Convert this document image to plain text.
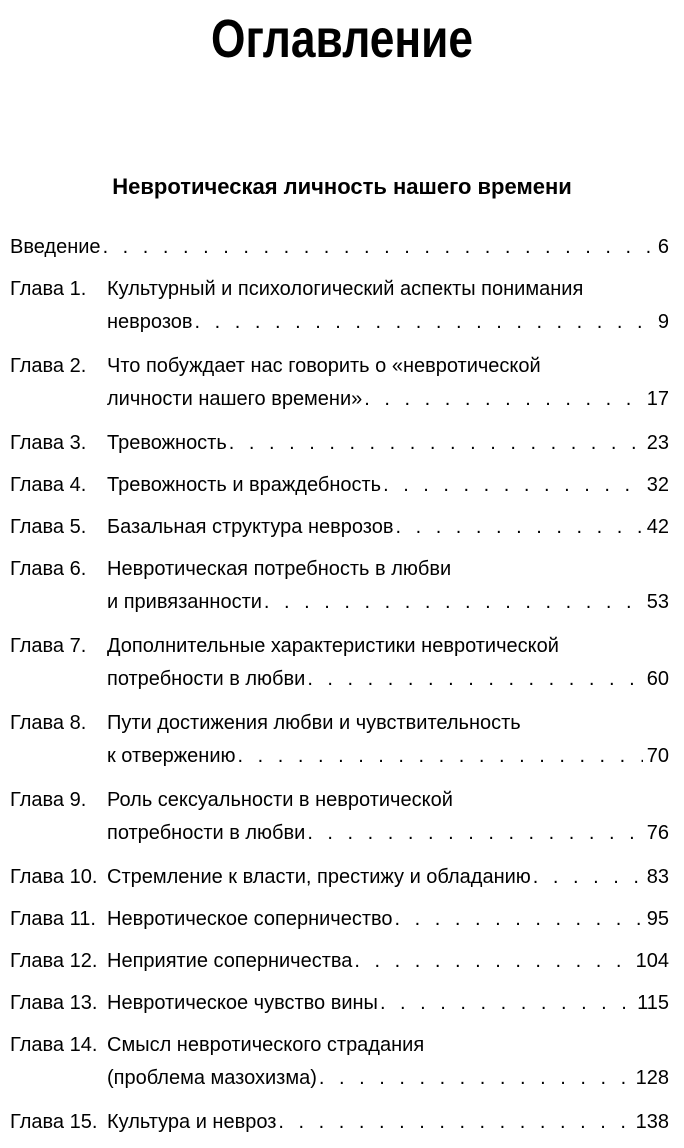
Оглавление
Невротическая личность нашего времени
Введение . . .	6
Глава 1.	Культурный и психологический аспекты понимания
неврозов . . .	9
Глава 2.	Что побуждает нас говорить о «невротической
личности нашего времени» . . .	17
Глава 3.	Тревожность . . .	23
Глава 4.	Тревожность и враждебность . . .	32
Глава 5.	Базальная структура неврозов . . .	42
Глава 6.	Невротическая потребность в любви
и привязанности . . .	53
Глава 7.	Дополнительные характеристики невротической
потребности в любви . . .	60
Глава 8.	Пути достижения любви и чувствительность
к отвержению . . .	70
Глава 9.	Роль сексуальности в невротической
потребности в любви . . .	76
Глава 10. Стремление к власти, престижу и обладанию . . .	83
Глава 11. Невротическое соперничество . . .	95
Глава 12. Неприятие соперничества . . .	104
Глава 13. Невротическое чувство вины . . .	115
Глава 14. Смысл невротического страдания
(проблема мазохизма) . . .	128
Глава 15. Культура и невроз . . .	138
